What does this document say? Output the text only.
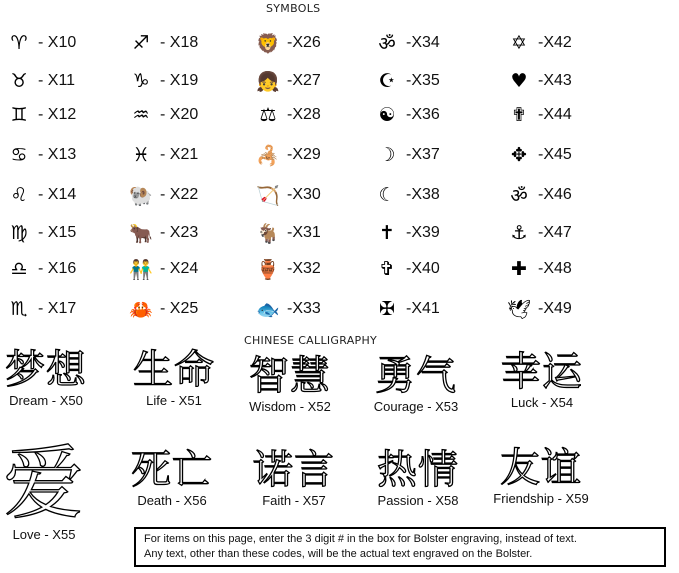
SYMBOLS
♈ - X10
♉ - X11
♊ - X12
♋ - X13
♌ - X14
♍ - X15
♎ - X16
♏ - X17
♐ - X18
♑ - X19
♒ - X20
♓ - X21
🐏 - X22
🐂 - X23
👬 - X24
🦀 - X25
🦁 -X26
👧 -X27
⚖ -X28
🦂 -X29
🏹 -X30
🐐 -X31
🏺 -X32
🐟 -X33
ॐ -X34
☪ -X35
☯ -X36
☽ -X37
☾ -X38
✝ -X39
✞ -X40
✠ -X41
✡ -X42
♥ -X43
✟ -X44
✥ -X45
ॐ -X46
⚓ -X47
✚ -X48
🕊 -X49
CHINESE CALLIGRAPHY
梦想
Dream - X50
生命
Life - X51
智慧
Wisdom - X52
勇气
Courage - X53
幸运
Luck - X54
爱
Love - X55
死亡
Death - X56
诺言
Faith - X57
热情
Passion - X58
友谊
Friendship - X59
For items on this page, enter the 3 digit # in the box for Bolster engraving, instead of text.
Any text, other than these codes, will be the actual text engraved on the Bolster.
